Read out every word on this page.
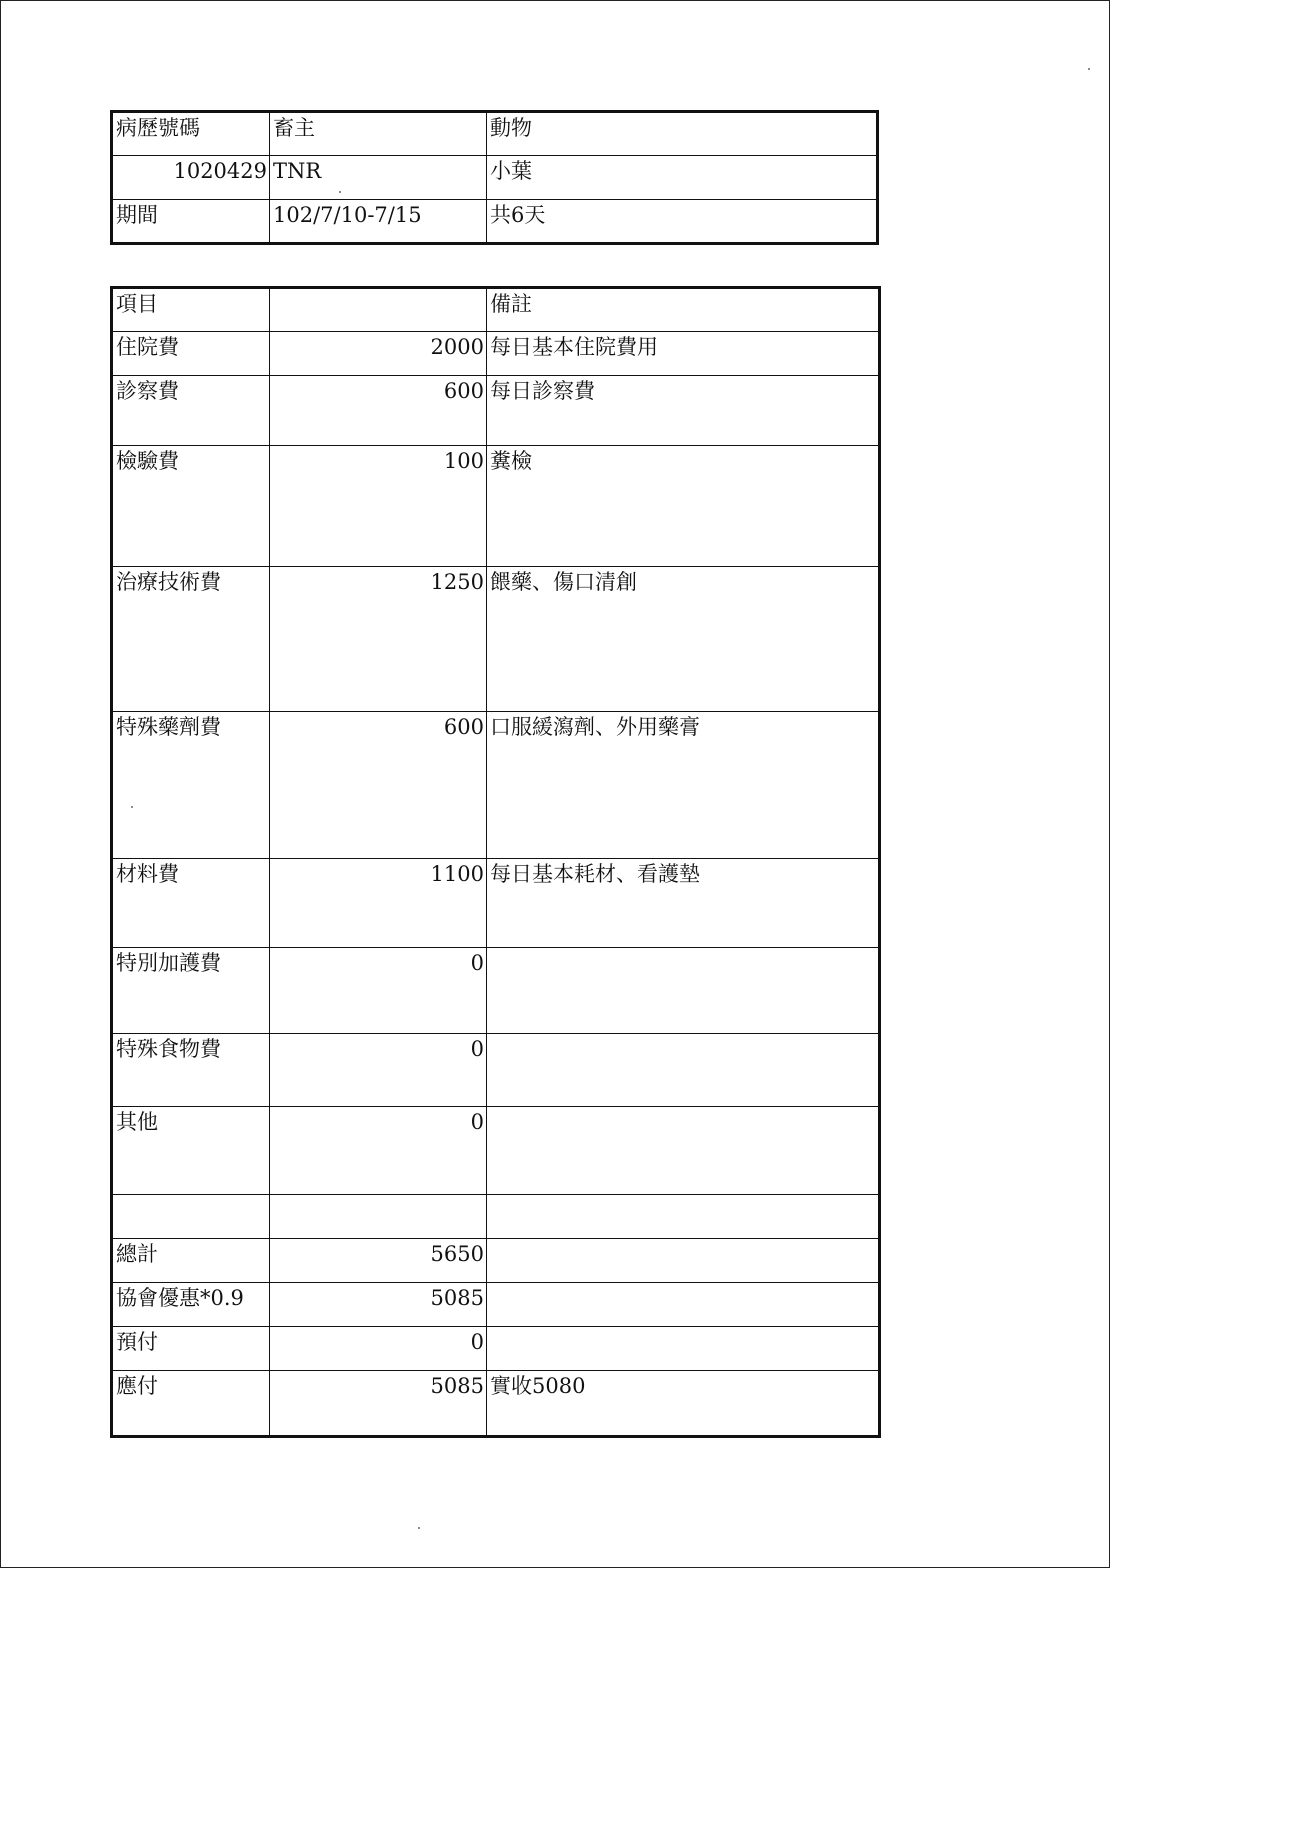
病歷號碼	畜主	動物
1020429	TNR	小葉
期間	102/7/10-7/15	共6天
項目		備註
住院費	2000	每日基本住院費用
診察費	600	每日診察費
檢驗費	100	糞檢
治療技術費	1250	餵藥、傷口清創
特殊藥劑費	600	口服緩瀉劑、外用藥膏
材料費	1100	每日基本耗材、看護墊
特別加護費	0	
特殊食物費	0	
其他	0	

總計	5650	
協會優惠*0.9	5085	
預付	0	
應付	5085	實收5080
